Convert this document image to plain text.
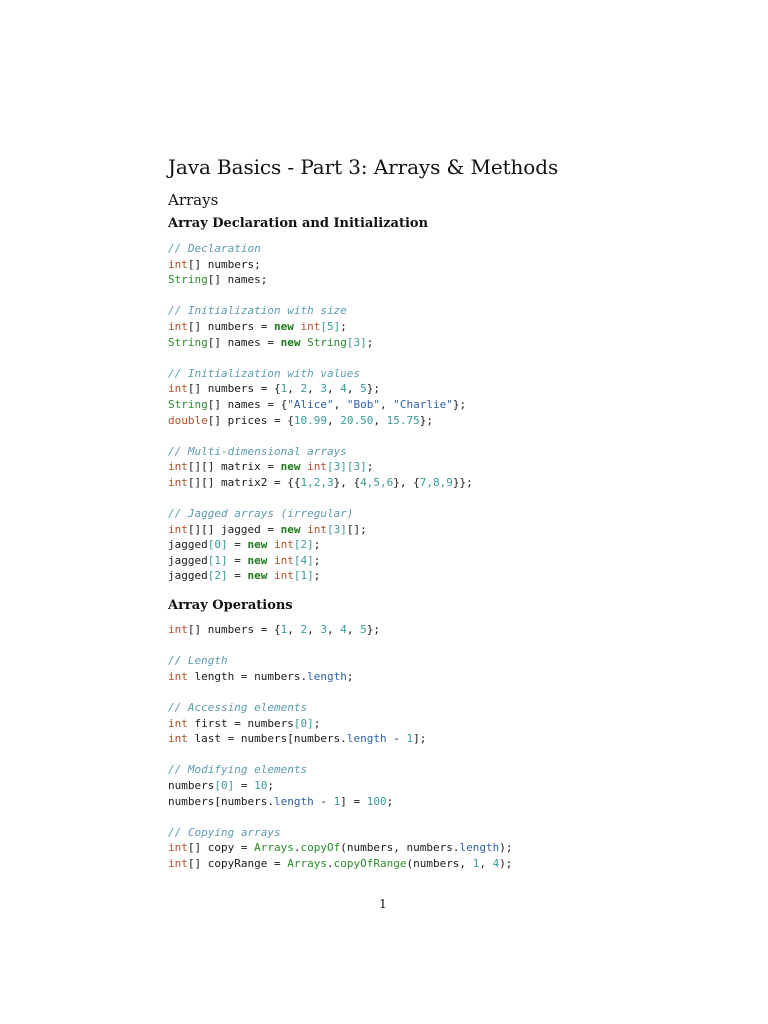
Java Basics - Part 3: Arrays & Methods
Arrays
Array Declaration and Initialization
// Declaration
int[] numbers;
String[] names;

// Initialization with size
int[] numbers = new int[5];
String[] names = new String[3];

// Initialization with values
int[] numbers = {1, 2, 3, 4, 5};
String[] names = {"Alice", "Bob", "Charlie"};
double[] prices = {10.99, 20.50, 15.75};

// Multi-dimensional arrays
int[][] matrix = new int[3][3];
int[][] matrix2 = {{1,2,3}, {4,5,6}, {7,8,9}};

// Jagged arrays (irregular)
int[][] jagged = new int[3][];
jagged[0] = new int[2];
jagged[1] = new int[4];
jagged[2] = new int[1];
Array Operations
int[] numbers = {1, 2, 3, 4, 5};

// Length
int length = numbers.length;

// Accessing elements
int first = numbers[0];
int last = numbers[numbers.length - 1];

// Modifying elements
numbers[0] = 10;
numbers[numbers.length - 1] = 100;

// Copying arrays
int[] copy = Arrays.copyOf(numbers, numbers.length);
int[] copyRange = Arrays.copyOfRange(numbers, 1, 4);
1
